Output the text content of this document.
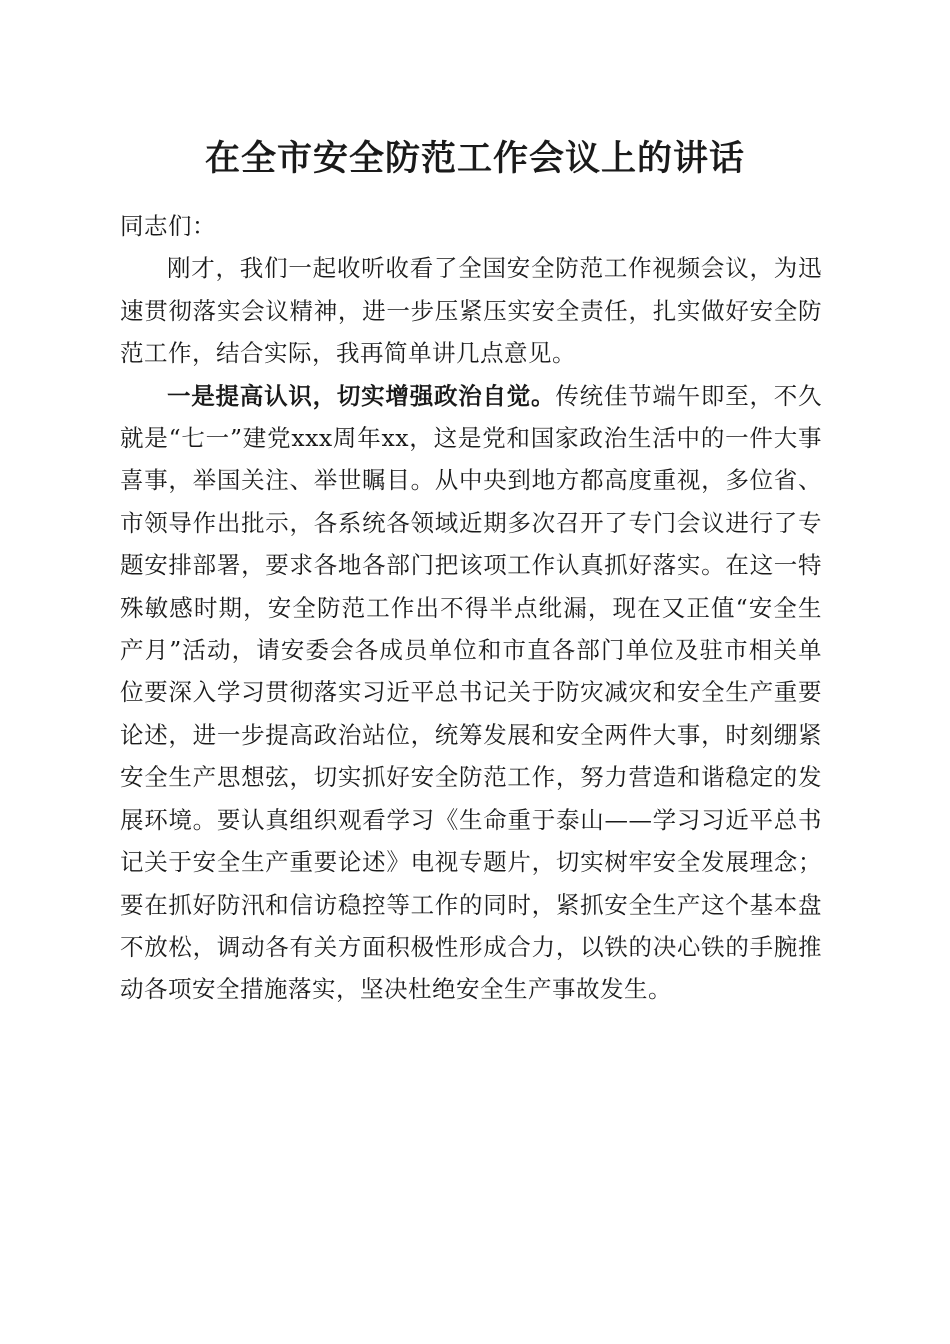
在全市安全防范工作会议上的讲话

同志们：

刚才，我们一起收听收看了全国安全防范工作视频会议，为迅速贯彻落实会议精神，进一步压紧压实安全责任，扎实做好安全防范工作，结合实际，我再简单讲几点意见。

一是提高认识，切实增强政治自觉。传统佳节端午即至，不久就是“七一”建党xxx周年xx，这是党和国家政治生活中的一件大事喜事，举国关注、举世瞩目。从中央到地方都高度重视，多位省、市领导作出批示，各系统各领域近期多次召开了专门会议进行了专题安排部署，要求各地各部门把该项工作认真抓好落实。在这一特殊敏感时期，安全防范工作出不得半点纰漏，现在又正值“安全生产月”活动，请安委会各成员单位和市直各部门单位及驻市相关单位要深入学习贯彻落实习近平总书记关于防灾减灾和安全生产重要论述，进一步提高政治站位，统筹发展和安全两件大事，时刻绷紧安全生产思想弦，切实抓好安全防范工作，努力营造和谐稳定的发展环境。要认真组织观看学习《生命重于泰山——学习习近平总书记关于安全生产重要论述》电视专题片，切实树牢安全发展理念；要在抓好防汛和信访稳控等工作的同时，紧抓安全生产这个基本盘不放松，调动各有关方面积极性形成合力，以铁的决心铁的手腕推动各项安全措施落实，坚决杜绝安全生产事故发生。
